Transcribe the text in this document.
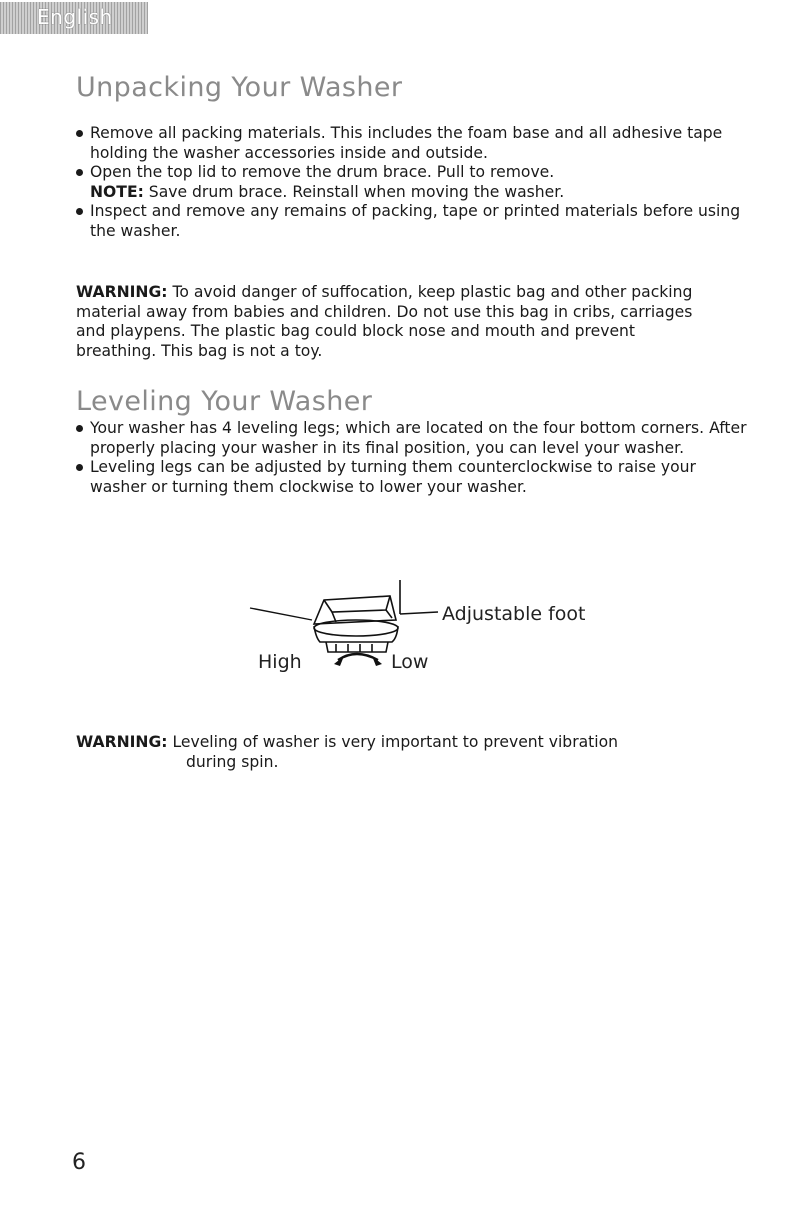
English
Unpacking Your Washer
Remove all packing materials. This includes the foam base and all adhesive tape holding the washer accessories inside and outside.
Open the top lid to remove the drum brace. Pull to remove.
NOTE: Save drum brace. Reinstall when moving the washer.
Inspect and remove any remains of packing, tape or printed materials before using the washer.
WARNING: To avoid danger of suffocation, keep plastic bag and other packing material away from babies and children. Do not use this bag in cribs, carriages and playpens. The plastic bag could block nose and mouth and prevent breathing. This bag is not a toy.
Leveling Your Washer
Your washer has 4 leveling legs; which are located on the four bottom corners. After properly placing your washer in its final position, you can level your washer.
Leveling legs can be adjusted by turning them counterclockwise to raise your washer or turning them clockwise to lower your washer.
Adjustable foot
High	Low
WARNING: Leveling of washer is very important to prevent vibration
during spin.
6
